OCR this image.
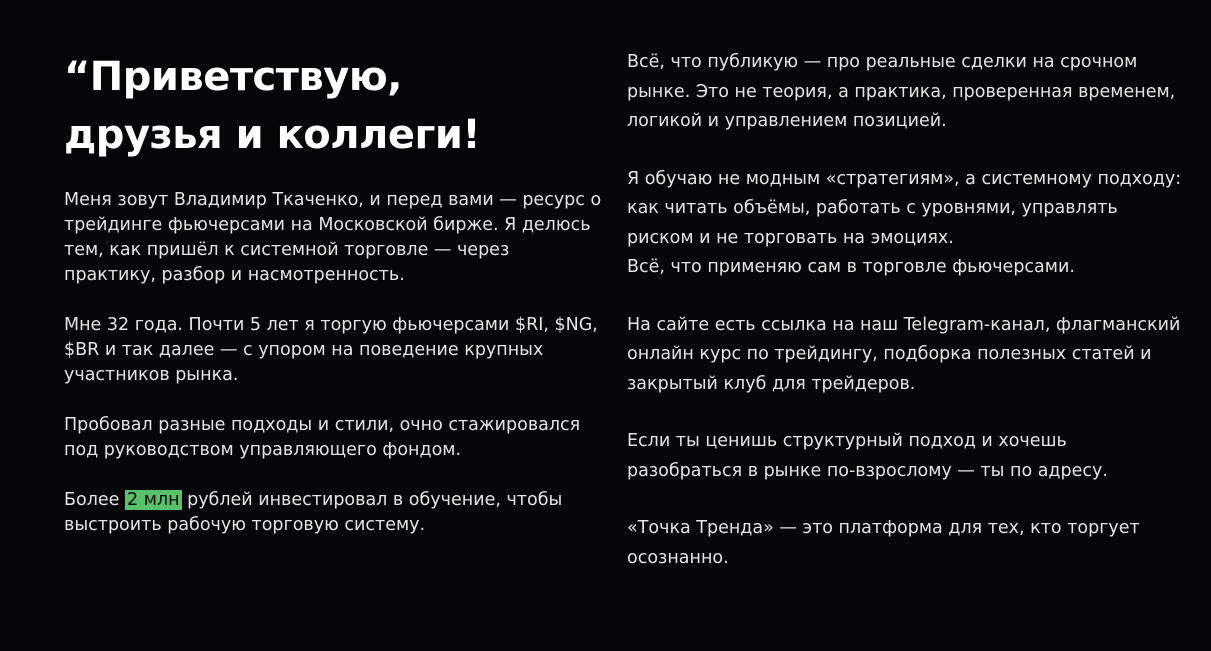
“Приветствую,
друзья и коллеги!

Меня зовут Владимир Ткаченко, и перед вами — ресурс о трейдинге фьючерсами на Московской бирже. Я делюсь тем, как пришёл к системной торговле — через практику, разбор и насмотренность.

Мне 32 года. Почти 5 лет я торгую фьючерсами $RI, $NG, $BR и так далее — с упором на поведение крупных участников рынка.

Пробовал разные подходы и стили, очно стажировался под руководством управляющего фондом.

Более 2 млн рублей инвестировал в обучение, чтобы выстроить рабочую торговую систему.

Всё, что публикую — про реальные сделки на срочном рынке. Это не теория, а практика, проверенная временем, логикой и управлением позицией.

Я обучаю не модным «стратегиям», а системному подходу: как читать объёмы, работать с уровнями, управлять риском и не торговать на эмоциях.
Всё, что применяю сам в торговле фьючерсами.

На сайте есть ссылка на наш Telegram-канал, флагманский онлайн курс по трейдингу, подборка полезных статей и закрытый клуб для трейдеров.

Если ты ценишь структурный подход и хочешь разобраться в рынке по-взрослому — ты по адресу.

«Точка Тренда» — это платформа для тех, кто торгует осознанно.
